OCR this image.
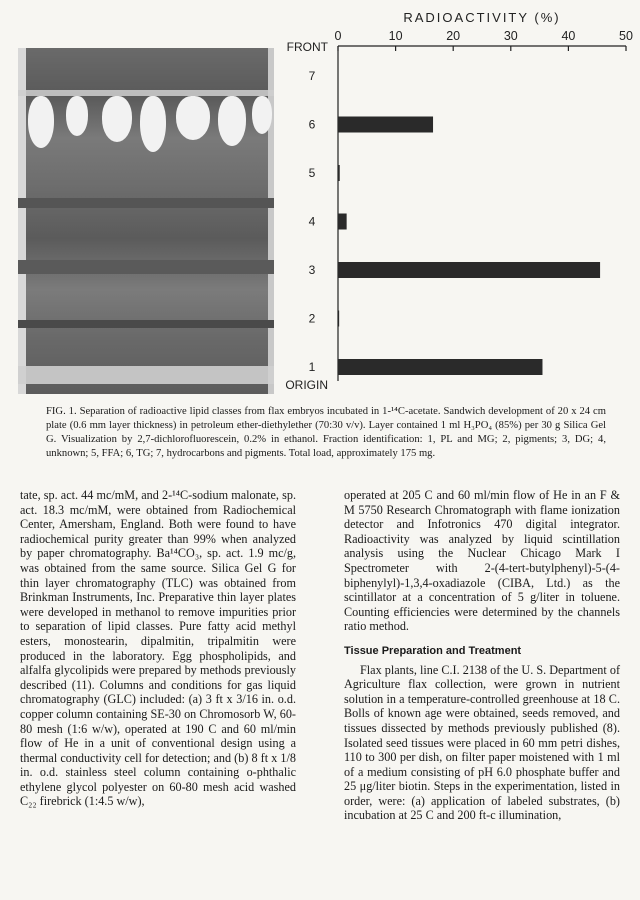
RADIOACTIVITY (%)
0	10	20	30	40	50
FRONT
ORIGIN
7
6
5
4
3
2
1
FIG. 1. Separation of radioactive lipid classes from flax embryos incubated in 1-¹⁴C-acetate. Sandwich development of 20 x 24 cm plate (0.6 mm layer thickness) in petroleum ether-diethylether (70:30 v/v). Layer contained 1 ml H₃PO₄ (85%) per 30 g Silica Gel G. Visualization by 2,7-dichlorofluorescein, 0.2% in ethanol. Fraction identification: 1, PL and MG; 2, pigments; 3, DG; 4, unknown; 5, FFA; 6, TG; 7, hydrocarbons and pigments. Total load, approximately 175 mg.

tate, sp. act. 44 mc/mM, and 2-¹⁴C-sodium malonate, sp. act. 18.3 mc/mM, were obtained from Radiochemical Center, Amersham, England. Both were found to have radiochemical purity greater than 99% when analyzed by paper chromatography. Ba¹⁴CO₃, sp. act. 1.9 mc/g, was obtained from the same source. Silica Gel G for thin layer chromatography (TLC) was obtained from Brinkman Instruments, Inc. Preparative thin layer plates were developed in methanol to remove impurities prior to separation of lipid classes. Pure fatty acid methyl esters, monostearin, dipalmitin, tripalmitin were produced in the laboratory. Egg phospholipids, and alfalfa glycolipids were prepared by methods previously described (11). Columns and conditions for gas liquid chromatography (GLC) included: (a) 3 ft x 3/16 in. o.d. copper column containing SE-30 on Chromosorb W, 60-80 mesh (1:6 w/w), operated at 190 C and 60 ml/min flow of He in a unit of conventional design using a thermal conductivity cell for detection; and (b) 8 ft x 1/8 in. o.d. stainless steel column containing o-phthalic ethylene glycol polyester on 60-80 mesh acid washed C₂₂ firebrick (1:4.5 w/w),

operated at 205 C and 60 ml/min flow of He in an F & M 5750 Research Chromatograph with flame ionization detector and Infotronics 470 digital integrator. Radioactivity was analyzed by liquid scintillation analysis using the Nuclear Chicago Mark I Spectrometer with 2-(4-tert-butylphenyl)-5-(4-biphenylyl)-1,3,4-oxadiazole (CIBA, Ltd.) as the scintillator at a concentration of 5 g/liter in toluene. Counting efficiencies were determined by the channels ratio method.

Tissue Preparation and Treatment

Flax plants, line C.I. 2138 of the U. S. Department of Agriculture flax collection, were grown in nutrient solution in a temperature-controlled greenhouse at 18 C. Bolls of known age were obtained, seeds removed, and tissues dissected by methods previously published (8). Isolated seed tissues were placed in 60 mm petri dishes, 110 to 300 per dish, on filter paper moistened with 1 ml of a medium consisting of pH 6.0 phosphate buffer and 25 μg/liter biotin. Steps in the experimentation, listed in order, were: (a) application of labeled substrates, (b) incubation at 25 C and 200 ft-c illumination,
